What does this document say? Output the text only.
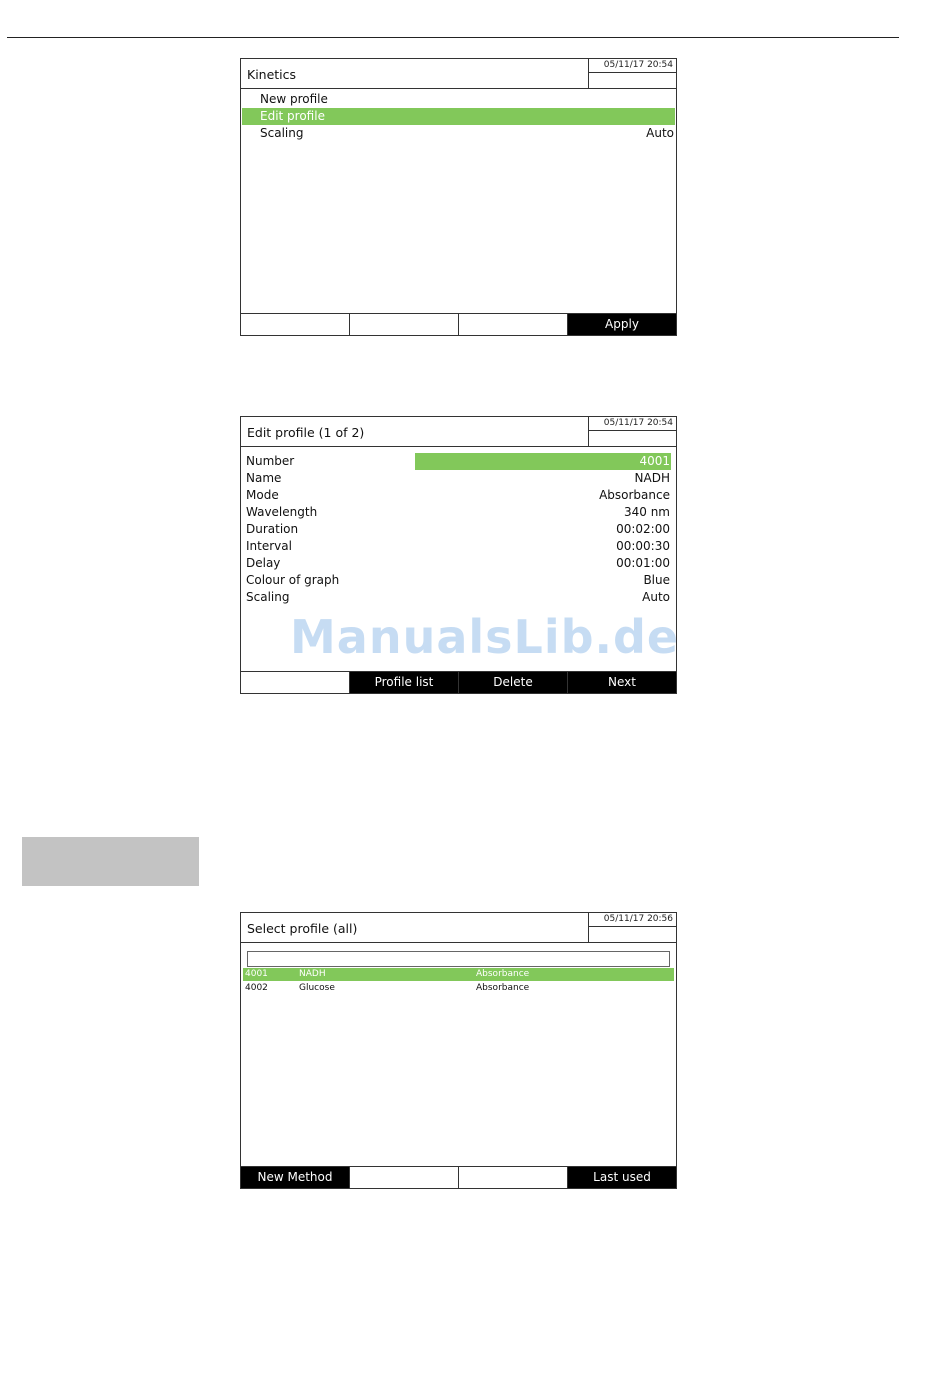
Kinetics
05/11/17 20:54
New profile
Edit profile
Scaling	Auto
Apply
Edit profile (1 of 2)
05/11/17 20:54
Number	4001
Name	NADH
Mode	Absorbance
Wavelength	340 nm
Duration	00:02:00
Interval	00:00:30
Delay	00:01:00
Colour of graph	Blue
Scaling	Auto
Profile list	Delete	Next
ManualsLib.de
Select profile (all)
05/11/17 20:56
4001	NADH	Absorbance
4002	Glucose	Absorbance
New Method	Last used
